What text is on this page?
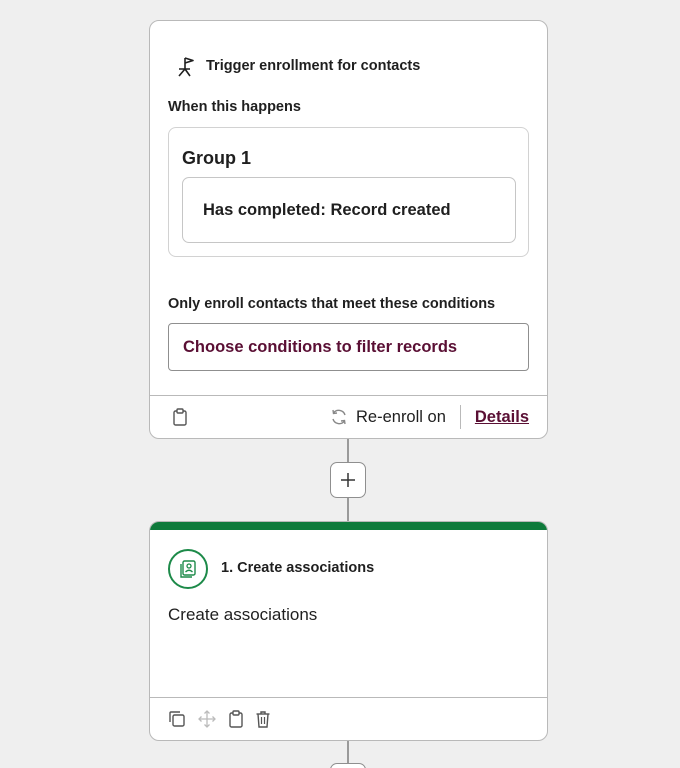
Trigger enrollment for contacts
When this happens
Group 1
Has completed: Record created
Only enroll contacts that meet these conditions
Choose conditions to filter records
Re-enroll on Details
1. Create associations
Create associations
